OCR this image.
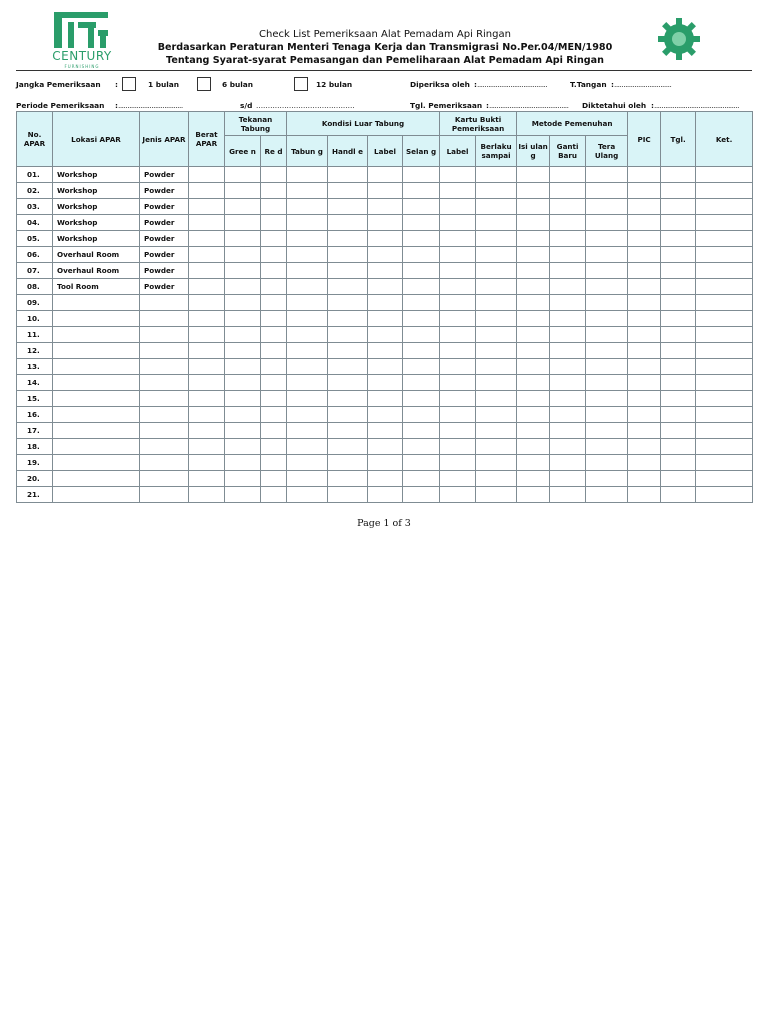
CENTURY
FURNISHING
Check List Pemeriksaan Alat Pemadam Api Ringan
Berdasarkan Peraturan Menteri Tenaga Kerja dan Transmigrasi No.Per.04/MEN/1980
Tentang Syarat-syarat Pemasangan dan Pemeliharaan Alat Pemadam Api Ringan
Jangka Pemeriksaan :	1 bulan	6 bulan	12 bulan	Diperiksa oleh :......................................	T.Tangan :...............................
Periode Pemeriksaan :...................................	s/d ..........................................	Tgl. Pemeriksaan :........................................... Diktetahui oleh :..............................................
No. APAR	Lokasi APAR	Jenis APAR	Berat APAR	Tekanan Tabung		Kondisi Luar Tabung				Kartu Bukti Pemeriksaan		Metode Pemenuhan			PIC	Tgl.	Ket.
				Gree n	Re d	Tabun g	Handl e	Label	Selan g	Label	Berlaku sampai	Isi ulan g	Ganti Baru	Tera Ulang			
01.	Workshop	Powder															
02.	Workshop	Powder															
03.	Workshop	Powder															
04.	Workshop	Powder															
05.	Workshop	Powder															
06.	Overhaul Room	Powder															
07.	Overhaul Room	Powder															
08.	Tool Room	Powder															
09.																	
10.																	
11.																	
12.																	
13.																	
14.																	
15.																	
16.																	
17.																	
18.																	
19.																	
20.																	
21.																	
Page 1 of 3
